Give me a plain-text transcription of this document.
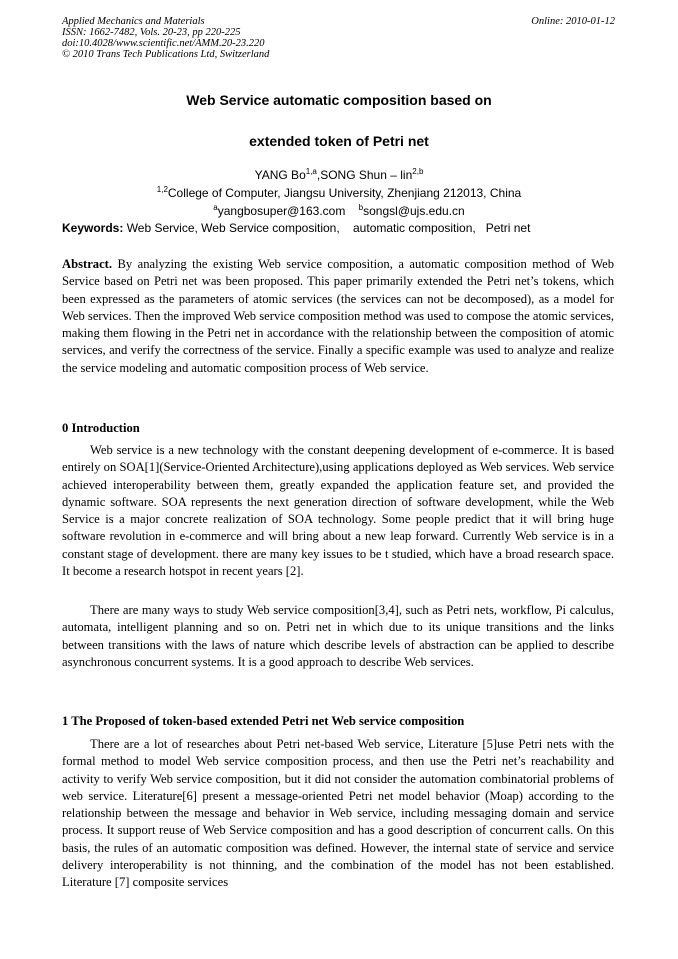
Applied Mechanics and Materials
ISSN: 1662-7482, Vols. 20-23, pp 220-225
doi:10.4028/www.scientific.net/AMM.20-23.220
© 2010 Trans Tech Publications Ltd, Switzerland
Online: 2010-01-12
Web Service automatic composition based on
extended token of Petri net
YANG Bo$^{1,a}$,SONG Shun – lin$^{2,b}$
$^{1,2}$College of Computer, Jiangsu University, Zhenjiang 212013, China
$^a$yangbosuper@163.com $^b$songsl@ujs.edu.cn
Keywords: Web Service, Web Service composition,    automatic composition,   Petri net

Abstract. By analyzing the existing Web service composition, a automatic composition method of Web Service based on Petri net was been proposed. This paper primarily extended the Petri net’s tokens, which been expressed as the parameters of atomic services (the services can not be decomposed), as a model for Web services. Then the improved Web service composition method was used to compose the atomic services, making them flowing in the Petri net in accordance with the relationship between the composition of atomic services, and verify the correctness of the service. Finally a specific example was used to analyze and realize the service modeling and automatic composition process of Web service.

0 Introduction

Web service is a new technology with the constant deepening development of e-commerce. It is based entirely on SOA[1](Service-Oriented Architecture),using applications deployed as Web services. Web service achieved interoperability between them, greatly expanded the application feature set, and provided the dynamic software. SOA represents the next generation direction of software development, while the Web Service is a major concrete realization of SOA technology. Some people predict that it will bring huge software revolution in e-commerce and will bring about a new leap forward. Currently Web service is in a constant stage of development. there are many key issues to be t studied, which have a broad research space. It become a research hotspot in recent years [2].

There are many ways to study Web service composition[3,4], such as Petri nets, workflow, Pi calculus, automata, intelligent planning and so on. Petri net in which due to its unique transitions and the links between transitions with the laws of nature which describe levels of abstraction can be applied to describe asynchronous concurrent systems. It is a good approach to describe Web services.

1 The Proposed of token-based extended Petri net Web service composition

There are a lot of researches about Petri net-based Web service, Literature [5]use Petri nets with the formal method to model Web service composition process, and then use the Petri net’s reachability and activity to verify Web service composition, but it did not consider the automation combinatorial problems of web service. Literature[6] present a message-oriented Petri net model behavior (Moap) according to the relationship between the message and behavior in Web service, including messaging domain and service process. It support reuse of Web Service composition and has a good description of concurrent calls. On this basis, the rules of an automatic composition was defined. However, the internal state of service and service delivery interoperability is not thinning, and the combination of the model has not been established. Literature [7] composite services
